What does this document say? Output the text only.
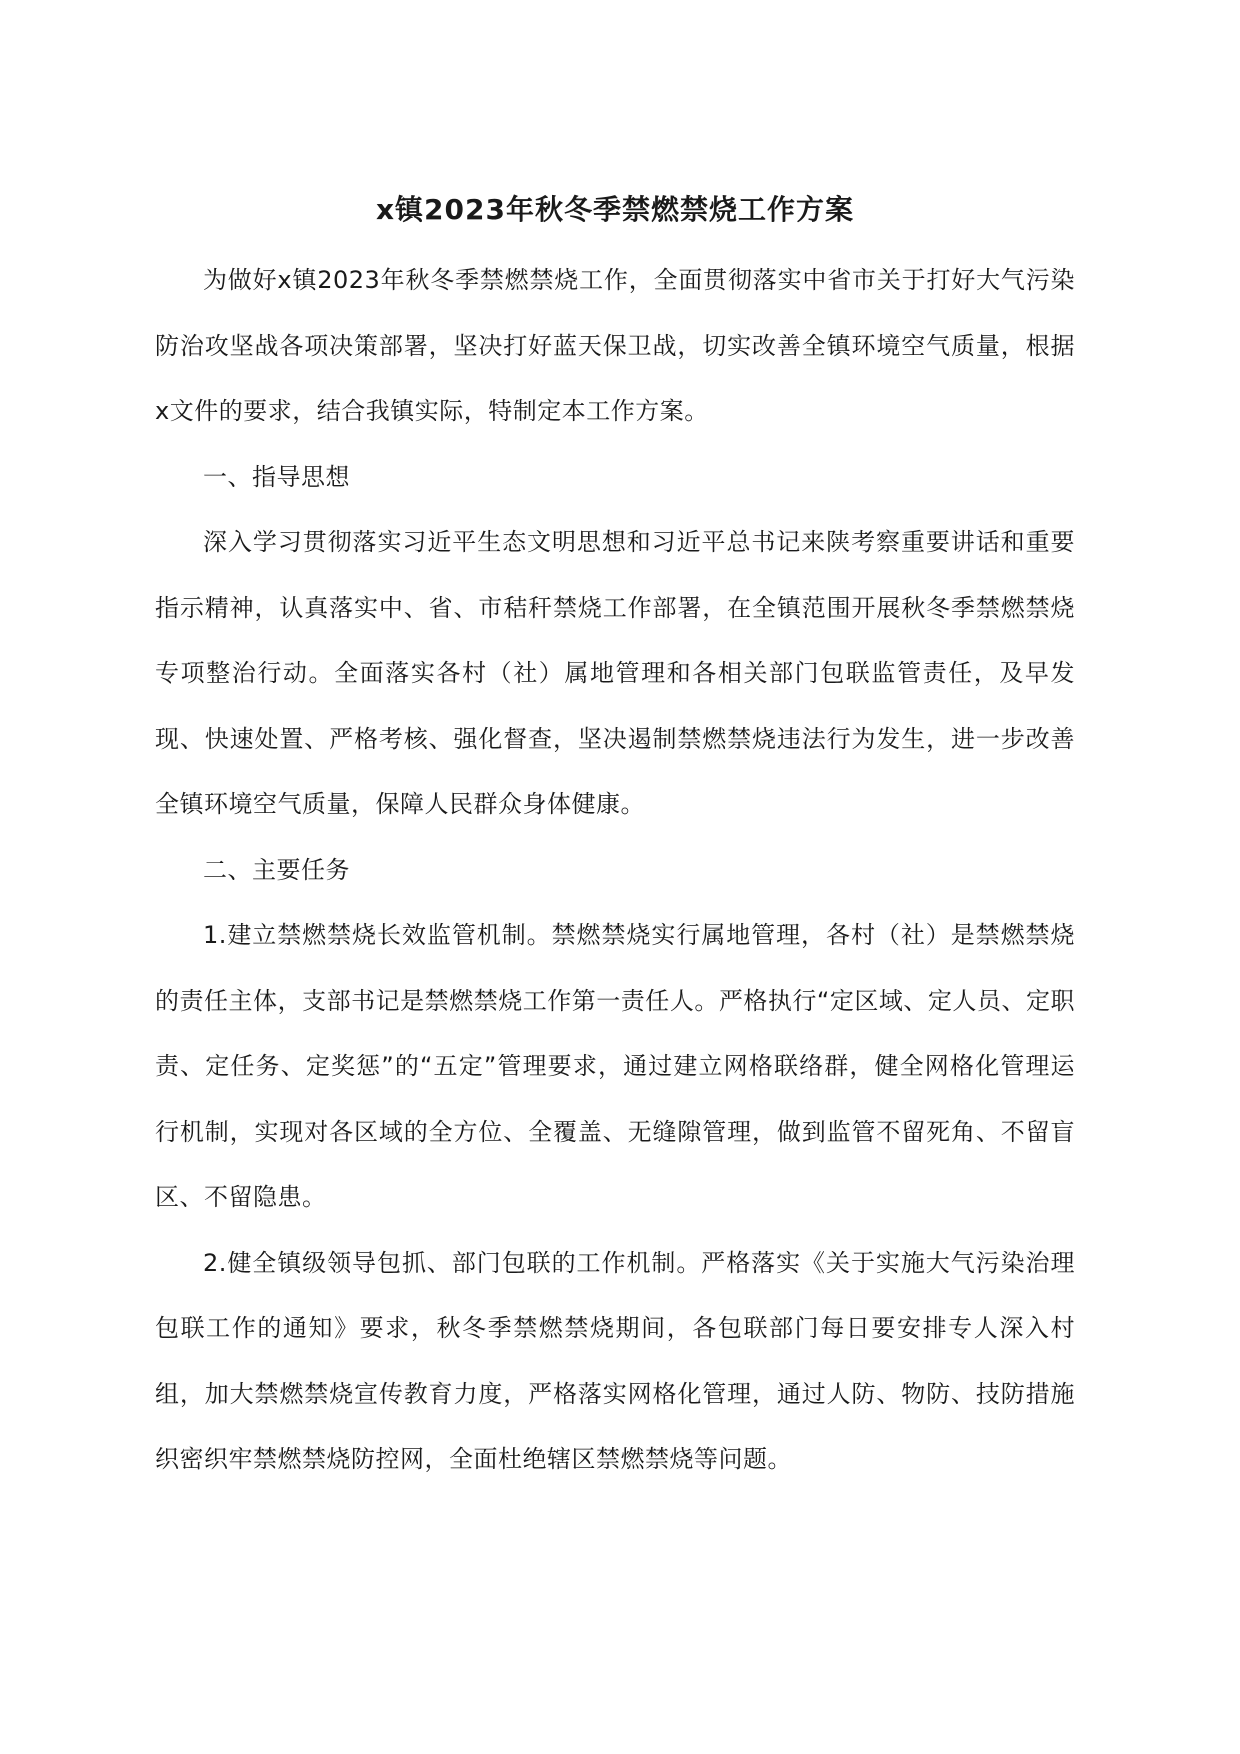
x镇2023年秋冬季禁燃禁烧工作方案

为做好x镇2023年秋冬季禁燃禁烧工作，全面贯彻落实中省市关于打好大气污染防治攻坚战各项决策部署，坚决打好蓝天保卫战，切实改善全镇环境空气质量，根据x文件的要求，结合我镇实际，特制定本工作方案。

一、指导思想

深入学习贯彻落实习近平生态文明思想和习近平总书记来陕考察重要讲话和重要指示精神，认真落实中、省、市秸秆禁烧工作部署，在全镇范围开展秋冬季禁燃禁烧专项整治行动。全面落实各村（社）属地管理和各相关部门包联监管责任，及早发现、快速处置、严格考核、强化督查，坚决遏制禁燃禁烧违法行为发生，进一步改善全镇环境空气质量，保障人民群众身体健康。

二、主要任务

1.建立禁燃禁烧长效监管机制。禁燃禁烧实行属地管理，各村（社）是禁燃禁烧的责任主体，支部书记是禁燃禁烧工作第一责任人。严格执行“定区域、定人员、定职责、定任务、定奖惩”的“五定”管理要求，通过建立网格联络群，健全网格化管理运行机制，实现对各区域的全方位、全覆盖、无缝隙管理，做到监管不留死角、不留盲区、不留隐患。

2.健全镇级领导包抓、部门包联的工作机制。严格落实《关于实施大气污染治理包联工作的通知》要求，秋冬季禁燃禁烧期间，各包联部门每日要安排专人深入村组，加大禁燃禁烧宣传教育力度，严格落实网格化管理，通过人防、物防、技防措施织密织牢禁燃禁烧防控网，全面杜绝辖区禁燃禁烧等问题。
